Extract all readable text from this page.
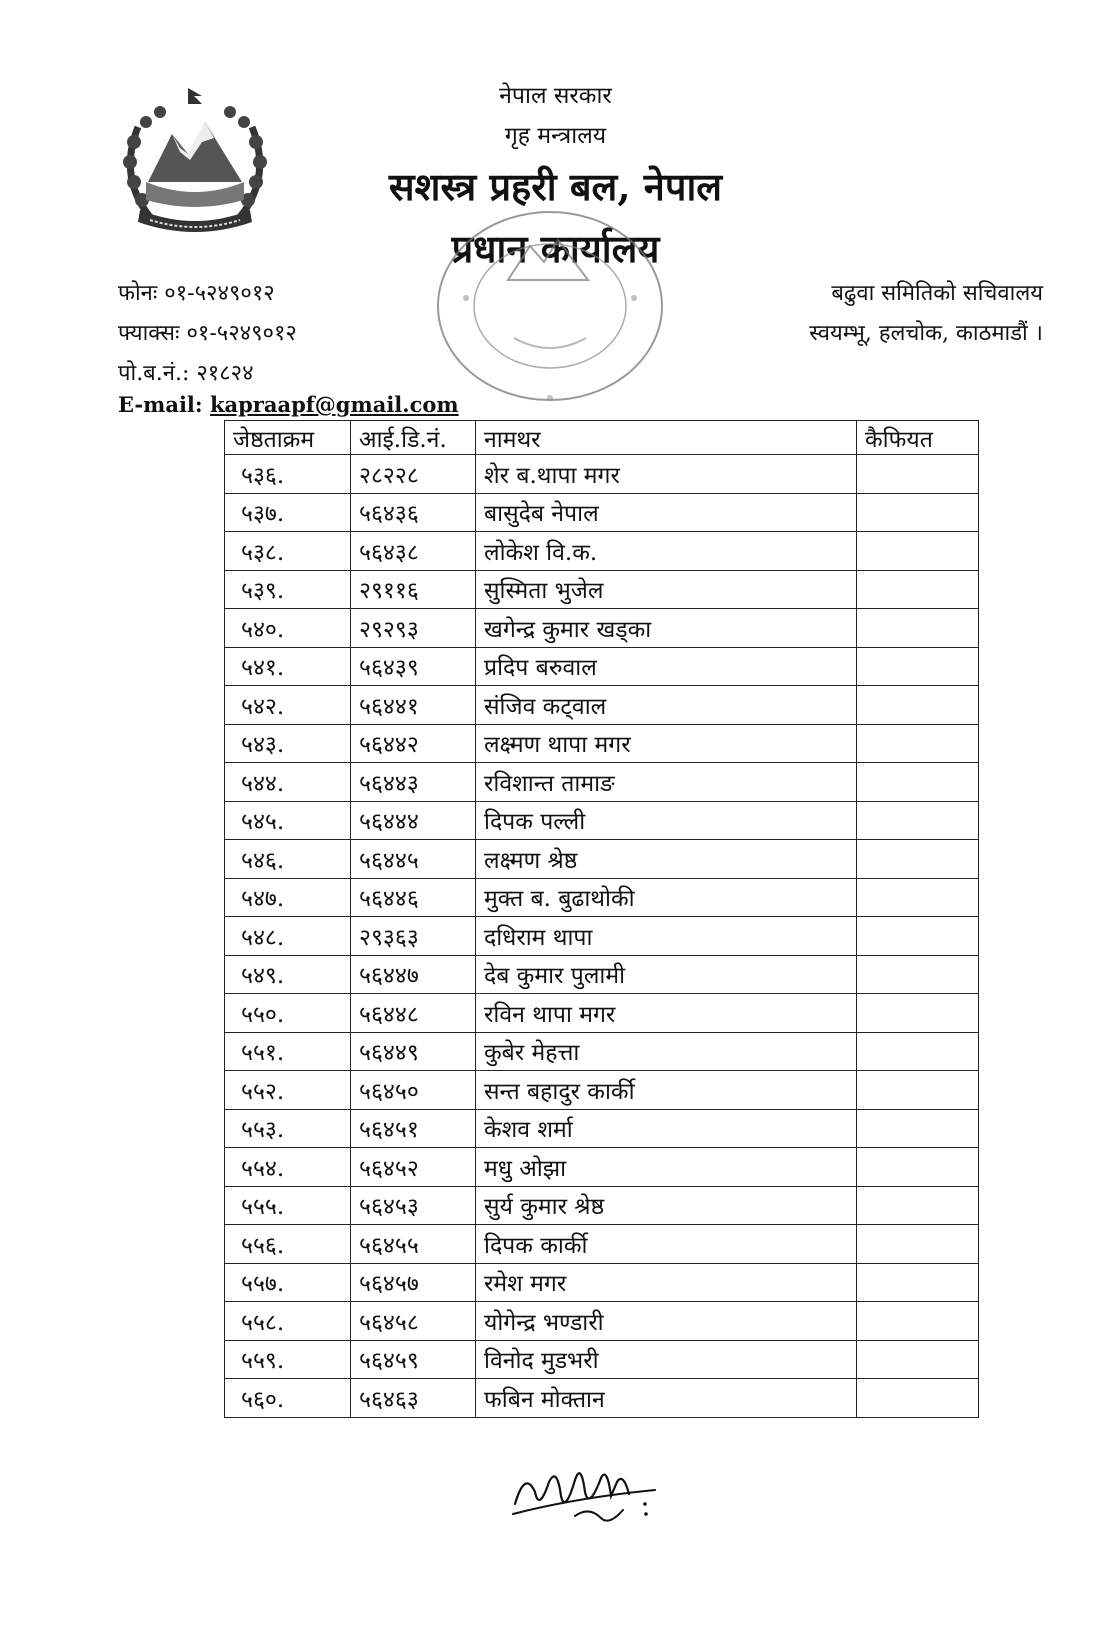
नेपाल सरकार
गृह मन्त्रालय
सशस्त्र प्रहरी बल, नेपाल
प्रधान कार्यालय
फोनः ०१-५२४९०१२
फ्याक्सः ०१-५२४९०१२
पो.ब.नं.: २१८२४
E-mail: kapraapf@gmail.com
बढुवा समितिको सचिवालय
स्वयम्भू, हलचोक, काठमाडौं ।
जेष्ठताक्रम	आई.डि.नं.	नामथर	कैफियत
५३६.	२८२२८	शेर ब.थापा मगर	
५३७.	५६४३६	बासुदेब नेपाल	
५३८.	५६४३८	लोकेश वि.क.	
५३९.	२९११६	सुस्मिता भुजेल	
५४०.	२९२९३	खगेन्द्र कुमार खड्का	
५४१.	५६४३९	प्रदिप बरुवाल	
५४२.	५६४४१	संजिव कट्वाल	
५४३.	५६४४२	लक्ष्मण थापा मगर	
५४४.	५६४४३	रविशान्त तामाङ	
५४५.	५६४४४	दिपक पल्ली	
५४६.	५६४४५	लक्ष्मण श्रेष्ठ	
५४७.	५६४४६	मुक्त ब. बुढाथोकी	
५४८.	२९३६३	दधिराम थापा	
५४९.	५६४४७	देब कुमार पुलामी	
५५०.	५६४४८	रविन थापा मगर	
५५१.	५६४४९	कुबेर मेहत्ता	
५५२.	५६४५०	सन्त बहादुर कार्की	
५५३.	५६४५१	केशव शर्मा	
५५४.	५६४५२	मधु ओझा	
५५५.	५६४५३	सुर्य कुमार श्रेष्ठ	
५५६.	५६४५५	दिपक कार्की	
५५७.	५६४५७	रमेश मगर	
५५८.	५६४५८	योगेन्द्र भण्डारी	
५५९.	५६४५९	विनोद मुडभरी	
५६०.	५६४६३	फबिन मोक्तान	
